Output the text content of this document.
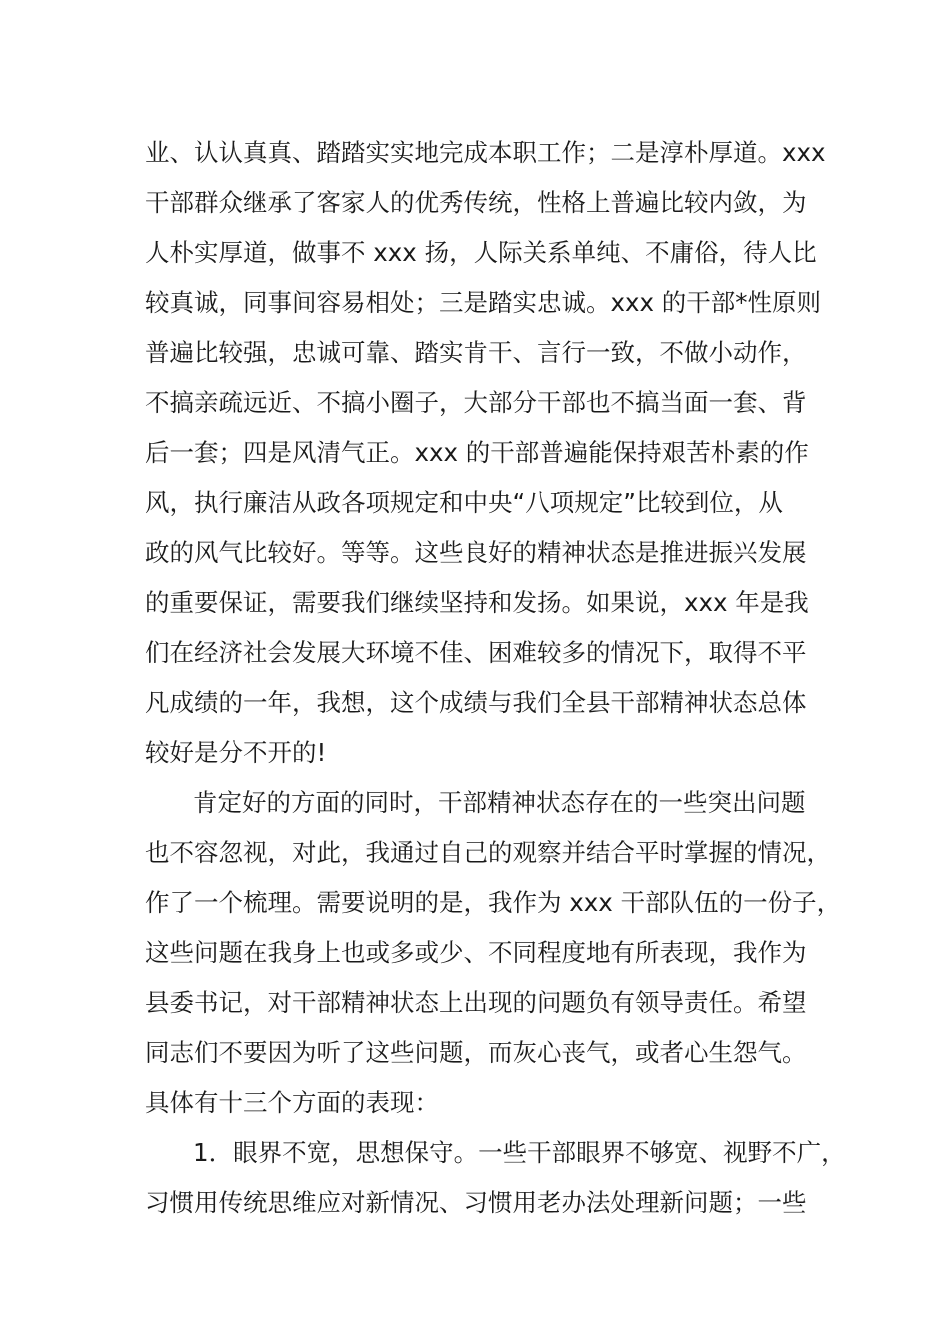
业、认认真真、踏踏实实地完成本职工作；二是淳朴厚道。xxx
干部群众继承了客家人的优秀传统，性格上普遍比较内敛，为
人朴实厚道，做事不 xxx 扬，人际关系单纯、不庸俗，待人比
较真诚，同事间容易相处；三是踏实忠诚。xxx 的干部*性原则
普遍比较强，忠诚可靠、踏实肯干、言行一致，不做小动作，
不搞亲疏远近、不搞小圈子，大部分干部也不搞当面一套、背
后一套；四是风清气正。xxx 的干部普遍能保持艰苦朴素的作
风，执行廉洁从政各项规定和中央“八项规定”比较到位，从
政的风气比较好。等等。这些良好的精神状态是推进振兴发展
的重要保证，需要我们继续坚持和发扬。如果说，xxx 年是我
们在经济社会发展大环境不佳、困难较多的情况下，取得不平
凡成绩的一年，我想，这个成绩与我们全县干部精神状态总体
较好是分不开的!
肯定好的方面的同时，干部精神状态存在的一些突出问题
也不容忽视，对此，我通过自己的观察并结合平时掌握的情况，
作了一个梳理。需要说明的是，我作为 xxx 干部队伍的一份子，
这些问题在我身上也或多或少、不同程度地有所表现，我作为
县委书记，对干部精神状态上出现的问题负有领导责任。希望
同志们不要因为听了这些问题，而灰心丧气，或者心生怨气。
具体有十三个方面的表现：
1．眼界不宽，思想保守。一些干部眼界不够宽、视野不广，
习惯用传统思维应对新情况、习惯用老办法处理新问题；一些
